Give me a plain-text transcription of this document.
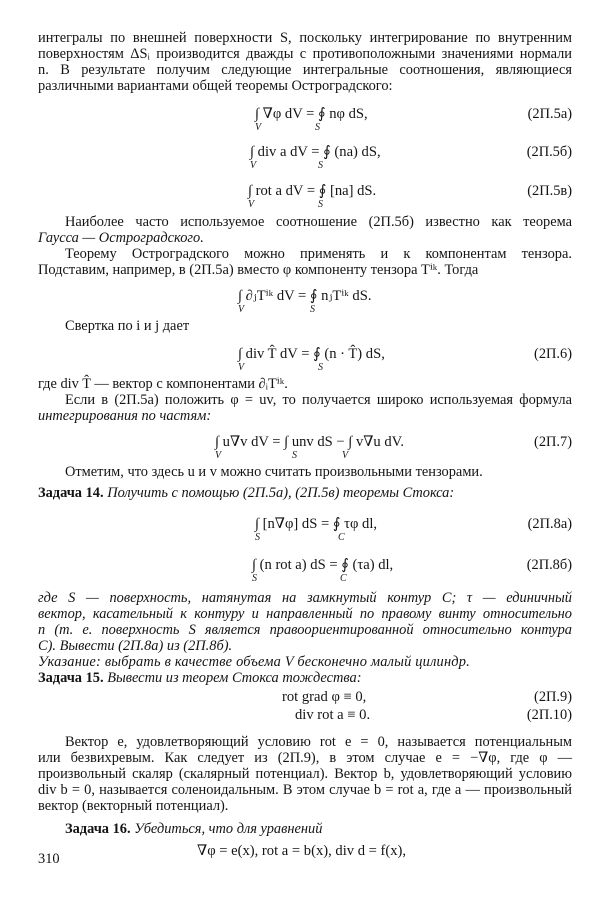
интегралы по внешней поверхности S, поскольку интегрирование по внутренним
поверхностям ΔSᵢ производится дважды с противоположными значениями нормали
n. В результате получим следующие интегральные соотношения, являющиеся
различными вариантами общей теоремы Остроградского:
∫ ∇φ dV = ∮ nφ dS,
V	S
(2П.5а)
∫ div a dV = ∮ (na) dS,
V	S
(2П.5б)
∫ rot a dV = ∮ [na] dS.
V	S
(2П.5в)
Наиболее часто используемое соотношение (2П.5б) известно как теорема
Гаусса — Остроградского.
Теорему Остроградского можно применять и к компонентам тензора.
Подставим, например, в (2П.5а) вместо φ компоненту тензора Tⁱᵏ. Тогда
∫ ∂ⱼTⁱᵏ dV = ∮ nⱼTⁱᵏ dS.
V	S
Свертка по i и j дает
∫ div T̂ dV = ∮ (n · T̂) dS,
V	S
(2П.6)
где div T̂ — вектор с компонентами ∂ᵢTⁱᵏ.
Если в (2П.5а) положить φ = uv, то получается широко используемая формула
интегрирования по частям:
∫ u∇v dV = ∫ unv dS − ∫ v∇u dV.
V	S	V
(2П.7)
Отметим, что здесь u и v можно считать произвольными тензорами.
Задача 14. Получить с помощью (2П.5а), (2П.5в) теоремы Стокса:
∫ [n∇φ] dS = ∮ τφ dl,
S	C
(2П.8а)
∫ (n rot a) dS = ∮ (τa) dl,
S	C
(2П.8б)
где S — поверхность, натянутая на замкнутый контур C; τ — единичный
вектор, касательный к контуру и направленный по правому винту относительно
n (т. е. поверхность S является правоориентированной относительно контура
C). Вывести (2П.8а) из (2П.8б).
Указание: выбрать в качестве объема V бесконечно малый цилиндр.
Задача 15. Вывести из теорем Стокса тождества:
rot grad φ ≡ 0,	(2П.9)
div rot a ≡ 0.	(2П.10)
Вектор e, удовлетворяющий условию rot e = 0, называется потенциальным
или безвихревым. Как следует из (2П.9), в этом случае e = −∇φ, где φ —
произвольный скаляр (скалярный потенциал). Вектор b, удовлетворяющий условию
div b = 0, называется соленоидальным. В этом случае b = rot a, где a — произвольный
вектор (векторный потенциал).
Задача 16. Убедиться, что для уравнений
∇φ = e(x), rot a = b(x), div d = f(x),
310
